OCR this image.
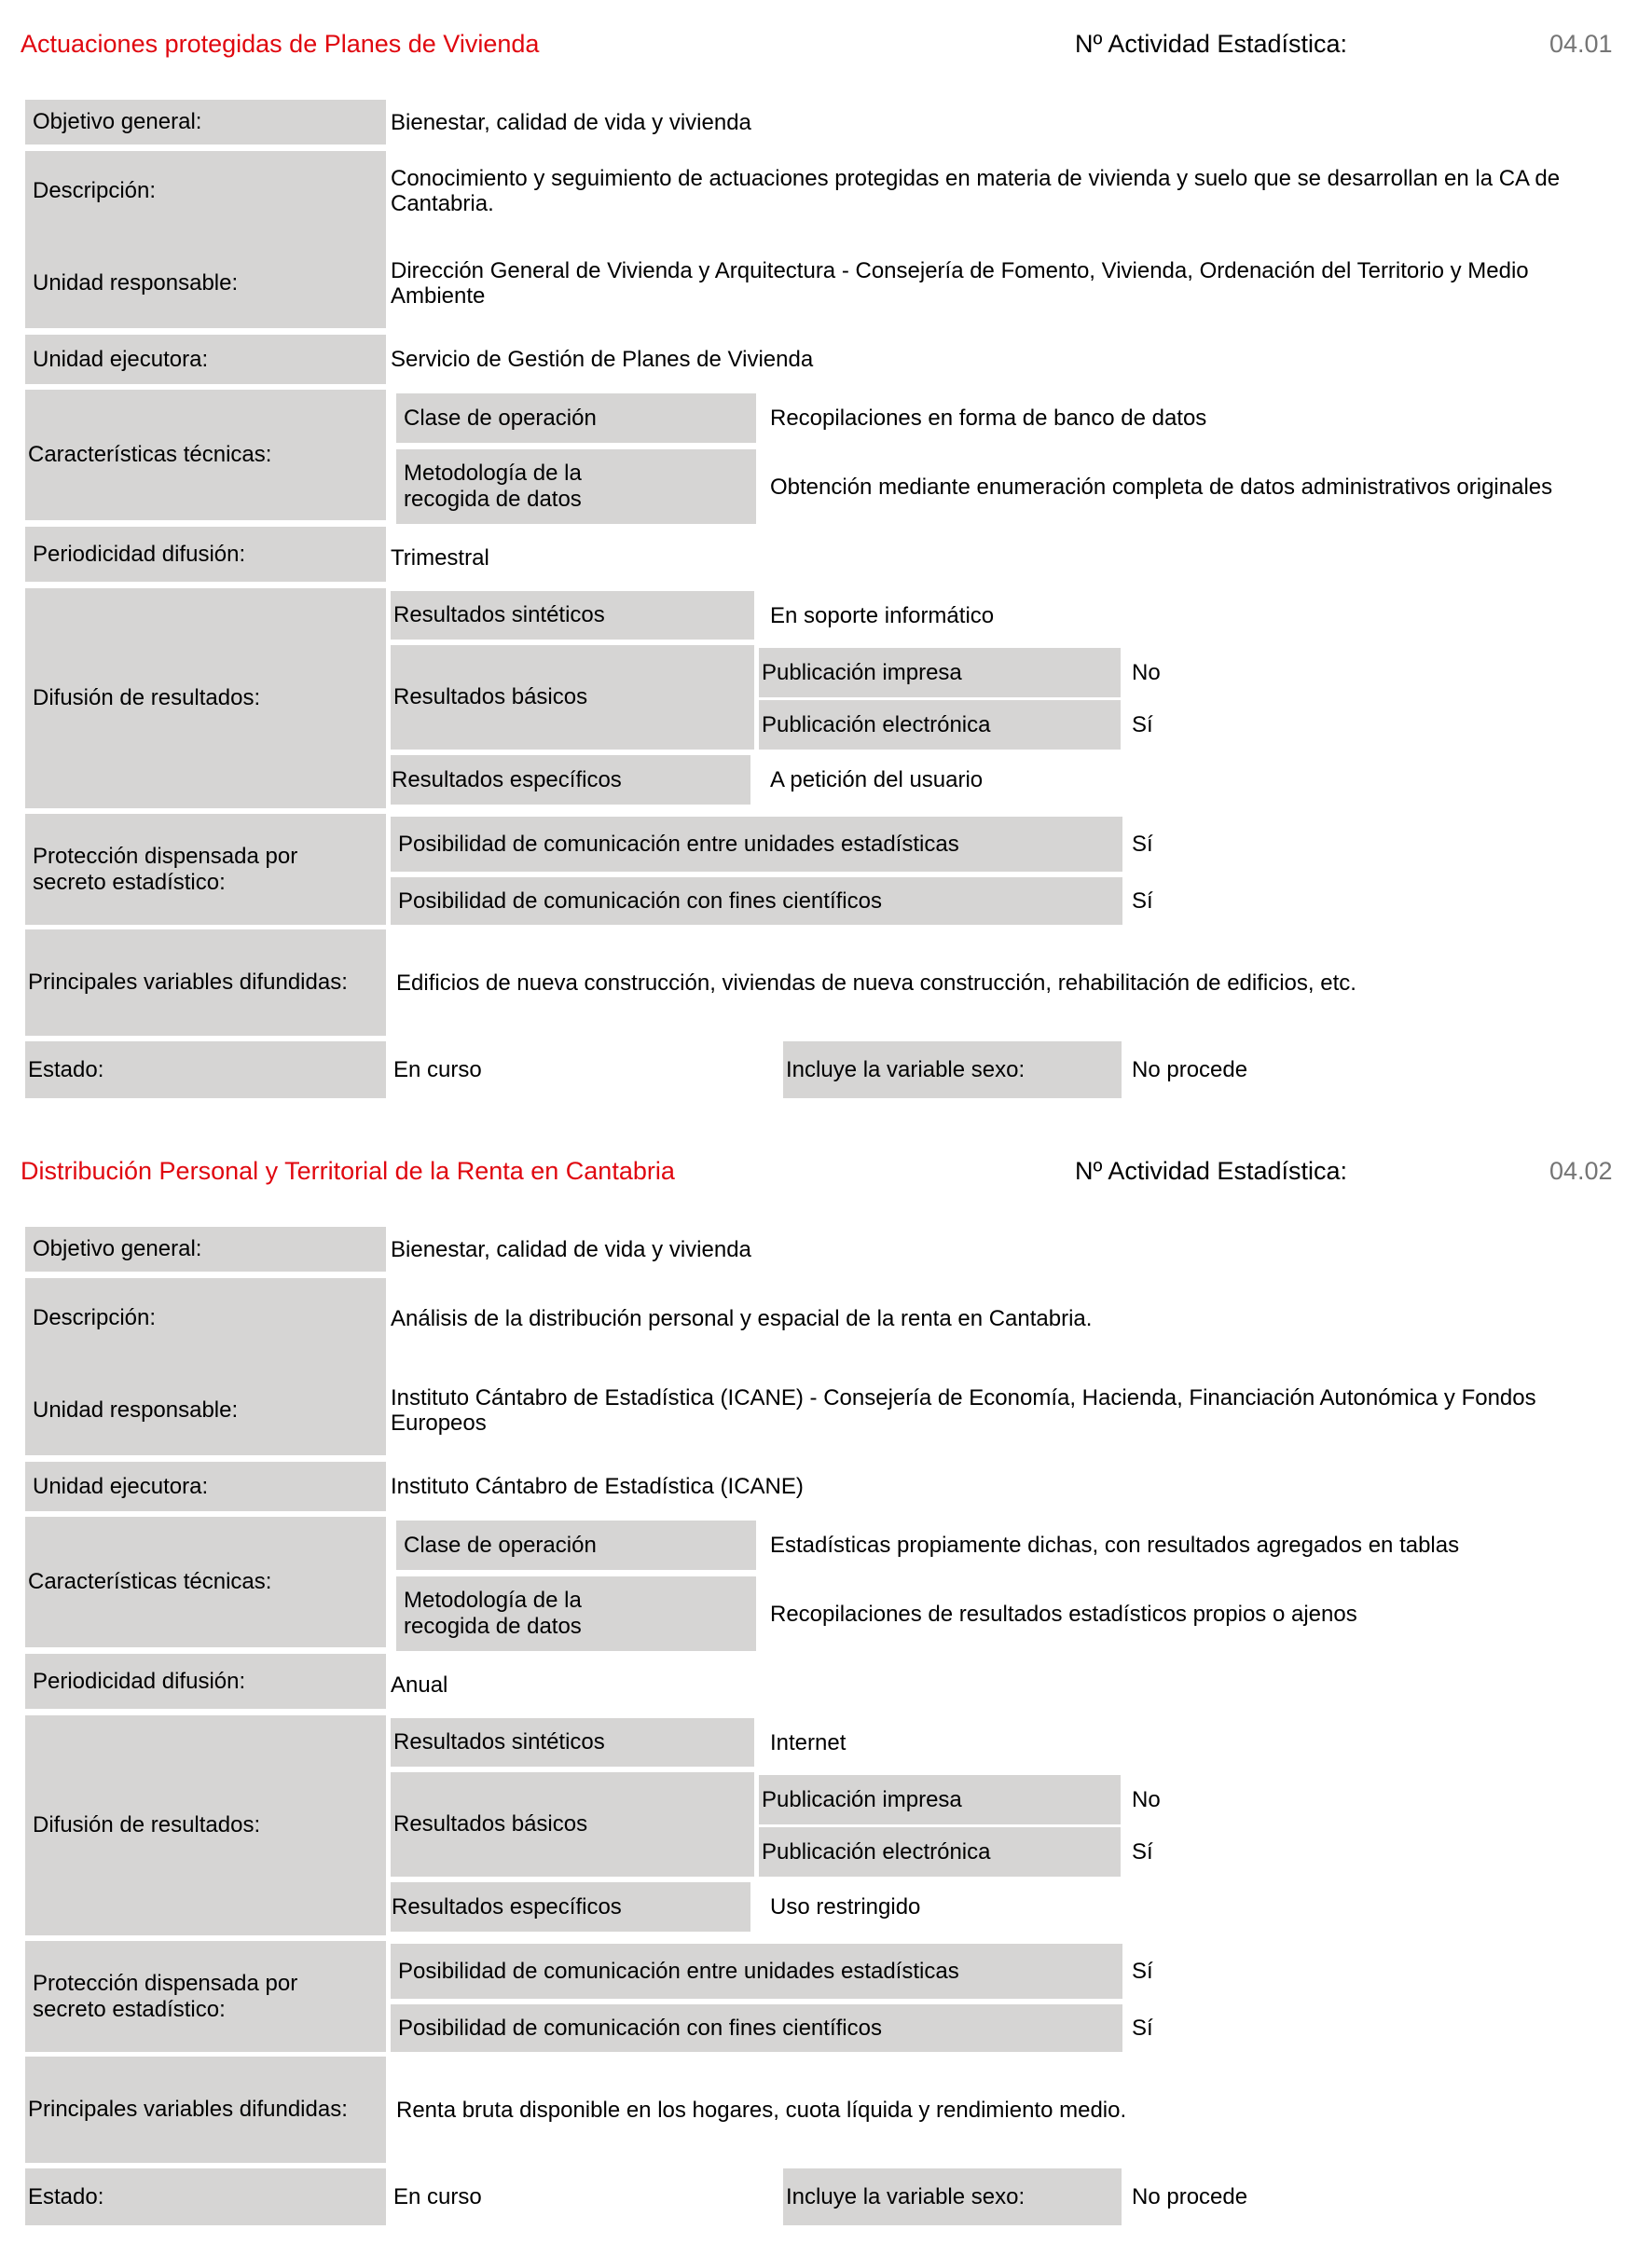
Actuaciones protegidas de Planes de Vivienda	Nº Actividad Estadística:	04.01
Objetivo general:	Bienestar, calidad de vida y vivienda
Descripción:	Conocimiento y seguimiento de actuaciones protegidas en materia de vivienda y suelo que se desarrollan en la CA de Cantabria.
Unidad responsable:	Dirección General de Vivienda y Arquitectura - Consejería de Fomento, Vivienda, Ordenación del Territorio y Medio Ambiente
Unidad ejecutora:	Servicio de Gestión de Planes de Vivienda
Características técnicas:
Clase de operación	Recopilaciones en forma de banco de datos
Metodología de la recogida de datos	Obtención mediante enumeración completa de datos administrativos originales
Periodicidad difusión:	Trimestral
Difusión de resultados:
Resultados sintéticos	En soporte informático
Resultados básicos
Publicación impresa	No
Publicación electrónica	Sí
Resultados específicos	A petición del usuario
Protección dispensada por secreto estadístico:
Posibilidad de comunicación entre unidades estadísticas	Sí
Posibilidad de comunicación con fines científicos	Sí
Principales variables difundidas:	Edificios de nueva construcción, viviendas de nueva construcción, rehabilitación de edificios, etc.
Estado:	En curso	Incluye la variable sexo:	No procede
Distribución Personal y Territorial de la Renta en Cantabria	Nº Actividad Estadística:	04.02
Objetivo general:	Bienestar, calidad de vida y vivienda
Descripción:	Análisis de la distribución personal y espacial de la renta en Cantabria.
Unidad responsable:	Instituto Cántabro de Estadística (ICANE) - Consejería de Economía, Hacienda, Financiación Autonómica y Fondos Europeos
Unidad ejecutora:	Instituto Cántabro de Estadística (ICANE)
Características técnicas:
Clase de operación	Estadísticas propiamente dichas, con resultados agregados en tablas
Metodología de la recogida de datos	Recopilaciones de resultados estadísticos propios o ajenos
Periodicidad difusión:	Anual
Difusión de resultados:
Resultados sintéticos	Internet
Resultados básicos
Publicación impresa	No
Publicación electrónica	Sí
Resultados específicos	Uso restringido
Protección dispensada por secreto estadístico:
Posibilidad de comunicación entre unidades estadísticas	Sí
Posibilidad de comunicación con fines científicos	Sí
Principales variables difundidas:	Renta bruta disponible en los hogares, cuota líquida y rendimiento medio.
Estado:	En curso	Incluye la variable sexo:	No procede
